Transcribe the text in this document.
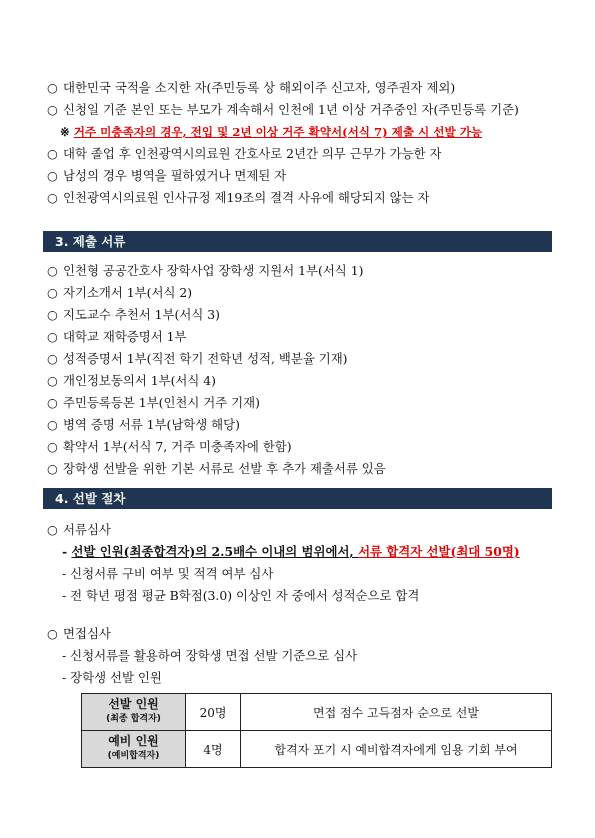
○ 대한민국 국적을 소지한 자(주민등록 상 해외이주 신고자, 영주권자 제외)
○ 신청일 기준 본인 또는 부모가 계속해서 인천에 1년 이상 거주중인 자(주민등록 기준)
※ 거주 미충족자의 경우, 전입 및 2년 이상 거주 확약서(서식 7) 제출 시 선발 가능
○ 대학 졸업 후 인천광역시의료원 간호사로 2년간 의무 근무가 가능한 자
○ 남성의 경우 병역을 필하였거나 면제된 자
○ 인천광역시의료원 인사규정 제19조의 결격 사유에 해당되지 않는 자
3. 제출 서류
○ 인천형 공공간호사 장학사업 장학생 지원서 1부(서식 1)
○ 자기소개서 1부(서식 2)
○ 지도교수 추천서 1부(서식 3)
○ 대학교 재학증명서 1부
○ 성적증명서 1부(직전 학기 전학년 성적, 백분율 기재)
○ 개인정보동의서 1부(서식 4)
○ 주민등록등본 1부(인천시 거주 기재)
○ 병역 증명 서류 1부(남학생 해당)
○ 확약서 1부(서식 7, 거주 미충족자에 한함)
○ 장학생 선발을 위한 기본 서류로 선발 후 추가 제출서류 있음
4. 선발 절차
○ 서류심사
- 선발 인원(최종합격자)의 2.5배수 이내의 범위에서, 서류 합격자 선발(최대 50명)
- 신청서류 구비 여부 및 적격 여부 심사
- 전 학년 평점 평균 B학점(3.0) 이상인 자 중에서 성적순으로 합격
○ 면접심사
- 신청서류를 활용하여 장학생 면접 선발 기준으로 심사
- 장학생 선발 인원
선발 인원
(최종 합격자)	20명	면접 점수 고득점자 순으로 선발

예비 인원
(예비합격자)	4명	합격자 포기 시 예비합격자에게 임용 기회 부여
